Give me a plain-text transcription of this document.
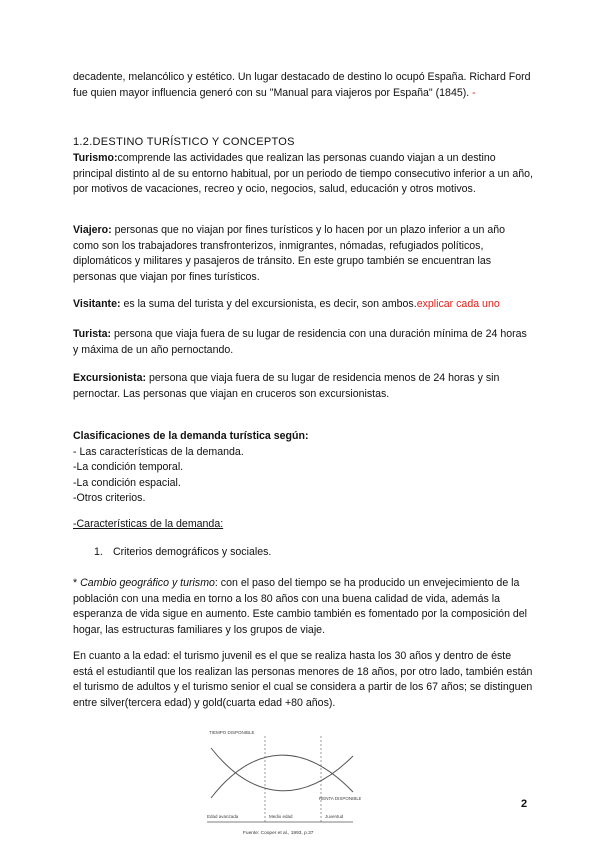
decadente, melancólico y estético. Un lugar destacado de destino lo ocupó España. Richard Ford fue quien mayor influencia generó con su "Manual para viajeros por España" (1845). -

1.2.DESTINO TURÍSTICO Y CONCEPTOS

Turismo:comprende las actividades que realizan las personas cuando viajan a un destino principal distinto al de su entorno habitual, por un periodo de tiempo consecutivo inferior a un año, por motivos de vacaciones, recreo y ocio, negocios, salud, educación y otros motivos.

Viajero: personas que no viajan por fines turísticos y lo hacen por un plazo inferior a un año como son los trabajadores transfronterizos, inmigrantes, nómadas, refugiados políticos, diplomáticos y militares y pasajeros de tránsito. En este grupo también se encuentran las personas que viajan por fines turísticos.

Visitante: es la suma del turista y del excursionista, es decir, son ambos.explicar cada uno

Turista: persona que viaja fuera de su lugar de residencia con una duración mínima de 24 horas y máxima de un año pernoctando.

Excursionista: persona que viaja fuera de su lugar de residencia menos de 24 horas y sin pernoctar. Las personas que viajan en cruceros son excursionistas.

Clasificaciones de la demanda turística según:
- Las características de la demanda.
-La condición temporal.
-La condición espacial.
-Otros criterios.

-Características de la demanda:

1. Criterios demográficos y sociales.

* Cambio geográfico y turismo: con el paso del tiempo se ha producido un envejecimiento de la población con una media en torno a los 80 años con una buena calidad de vida, además la esperanza de vida sigue en aumento. Este cambio también es fomentado por la composición del hogar, las estructuras familiares y los grupos de viaje.

En cuanto a la edad: el turismo juvenil es el que se realiza hasta los 30 años y dentro de éste está el estudiantil que los realizan las personas menores de 18 años, por otro lado, también están el turismo de adultos y el turismo senior el cual se considera a partir de los 67 años; se distinguen entre silver(tercera edad) y gold(cuarta edad +80 años).

TIEMPO DISPONIBLE
RENTA DISPONIBLE
Edad avanzada	Medio edad	Juventud
Fuente: Cooper et al., 1993, p.37
2
